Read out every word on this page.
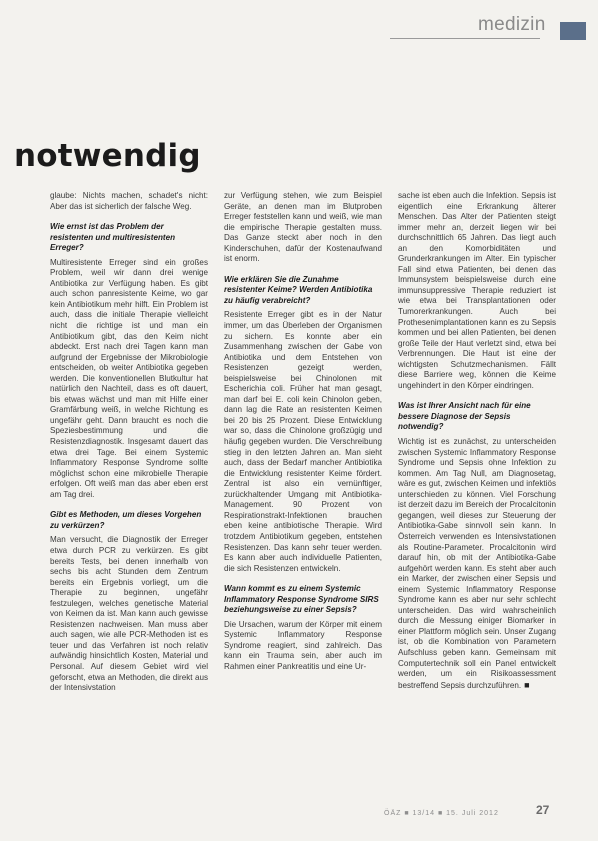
medizin
notwendig

glaube: Nichts machen, schadet's nicht: Aber das ist sicherlich der falsche Weg.

Wie ernst ist das Problem der resistenten und multiresistenten Erreger?

Multiresistente Erreger sind ein großes Problem, weil wir dann drei wenige Antibiotika zur Verfügung haben. Es gibt auch schon panresistente Keime, wo gar kein Antibiotikum mehr hilft. Ein Problem ist auch, dass die initiale Therapie vielleicht nicht die richtige ist und man ein Antibiotikum gibt, das den Keim nicht abdeckt. Erst nach drei Tagen kann man aufgrund der Ergebnisse der Mikrobiologie entscheiden, ob weiter Antibiotika gegeben werden. Die konventionellen Blutkultur hat natürlich den Nachteil, dass es oft dauert, bis etwas wächst und man mit Hilfe einer Gramfärbung weiß, in welche Richtung es ungefähr geht. Dann braucht es noch die Speziesbestimmung und die Resistenzdiagnostik. Insgesamt dauert das etwa drei Tage. Bei einem Systemic Inflammatory Response Syndrome sollte möglichst schon eine mikrobielle Therapie erfolgen. Oft weiß man das aber eben erst am Tag drei.

Gibt es Methoden, um dieses Vorgehen zu verkürzen?

Man versucht, die Diagnostik der Erreger etwa durch PCR zu verkürzen. Es gibt bereits Tests, bei denen innerhalb von sechs bis acht Stunden dem Zentrum bereits ein Ergebnis vorliegt, um die Therapie zu beginnen, ungefähr festzulegen, welches genetische Material von Keimen da ist. Man kann auch gewisse Resistenzen nachweisen. Man muss aber auch sagen, wie alle PCR-Methoden ist es teuer und das Verfahren ist noch relativ aufwändig hinsichtlich Kosten, Material und Personal. Auf diesem Gebiet wird viel geforscht, etwa an Methoden, die direkt aus der Intensivstation

zur Verfügung stehen, wie zum Beispiel Geräte, an denen man im Blutproben Erreger feststellen kann und weiß, wie man die empirische Therapie gestalten muss. Das Ganze steckt aber noch in den Kinderschuhen, dafür der Kostenaufwand ist enorm.

Wie erklären Sie die Zunahme resistenter Keime? Werden Antibiotika zu häufig verabreicht?

Resistente Erreger gibt es in der Natur immer, um das Überleben der Organismen zu sichern. Es konnte aber ein Zusammenhang zwischen der Gabe von Antibiotika und dem Entstehen von Resistenzen gezeigt werden, beispielsweise bei Chinolonen mit Escherichia coli. Früher hat man gesagt, man darf bei E. coli kein Chinolon geben, dann lag die Rate an resistenten Keimen bei 20 bis 25 Prozent. Diese Entwicklung war so, dass die Chinolone großzügig und häufig gegeben wurden. Die Verschreibung stieg in den letzten Jahren an. Man sieht auch, dass der Bedarf mancher Antibiotika die Entwicklung resistenter Keime fördert. Zentral ist also ein vernünftiger, zurückhaltender Umgang mit Antibiotika-Management. 90 Prozent von Respirationstrakt-Infektionen brauchen eben keine antibiotische Therapie. Wird trotzdem Antibiotikum gegeben, entstehen Resistenzen. Das kann sehr teuer werden. Es kann aber auch individuelle Patienten, die sich Resistenzen entwickeln.

Wann kommt es zu einem Systemic Inflammatory Response Syndrome SIRS beziehungsweise zu einer Sepsis?

Die Ursachen, warum der Körper mit einem Systemic Inflammatory Response Syndrome reagiert, sind zahlreich. Das kann ein Trauma sein, aber auch im Rahmen einer Pankreatitis und eine Ur-

sache ist eben auch die Infektion. Sepsis ist eigentlich eine Erkrankung älterer Menschen. Das Alter der Patienten steigt immer mehr an, derzeit liegen wir bei durchschnittlich 65 Jahren. Das liegt auch an den Komorbiditäten und Grunderkrankungen im Alter. Ein typischer Fall sind etwa Patienten, bei denen das Immunsystem beispielsweise durch eine immunsuppressive Therapie reduziert ist wie etwa bei Transplantationen oder Tumorerkrankungen. Auch bei Prothesenimplantationen kann es zu Sepsis kommen und bei allen Patienten, bei denen große Teile der Haut verletzt sind, etwa bei Verbrennungen. Die Haut ist eine der wichtigsten Schutzmechanismen. Fällt diese Barriere weg, können die Keime ungehindert in den Körper eindringen.

Was ist Ihrer Ansicht nach für eine bessere Diagnose der Sepsis notwendig?

Wichtig ist es zunächst, zu unterscheiden zwischen Systemic Inflammatory Response Syndrome und Sepsis ohne Infektion zu kommen. Am Tag Null, am Diagnosetag, wäre es gut, zwischen Keimen und infektiös unterschieden zu können. Viel Forschung ist derzeit dazu im Bereich der Procalcitonin gegangen, weil dieses zur Steuerung der Antibiotika-Gabe sinnvoll sein kann. In Österreich verwenden es Intensivstationen als Routine-Parameter. Procalcitonin wird darauf hin, ob mit der Antibiotika-Gabe aufgehört werden kann. Es steht aber auch ein Marker, der zwischen einer Sepsis und einem Systemic Inflammatory Response Syndrome kann es aber nur sehr schlecht unterscheiden. Das wird wahrscheinlich durch die Messung einiger Biomarker in einer Plattform möglich sein. Unser Zugang ist, ob die Kombination von Parametern Aufschluss geben kann. Gemeinsam mit Computertechnik soll ein Panel entwickelt werden, um ein Risikoassessment bestreffend Sepsis durchzuführen. ■

ÖÄZ ■ 13/14 ■ 15. Juli 2012	27
